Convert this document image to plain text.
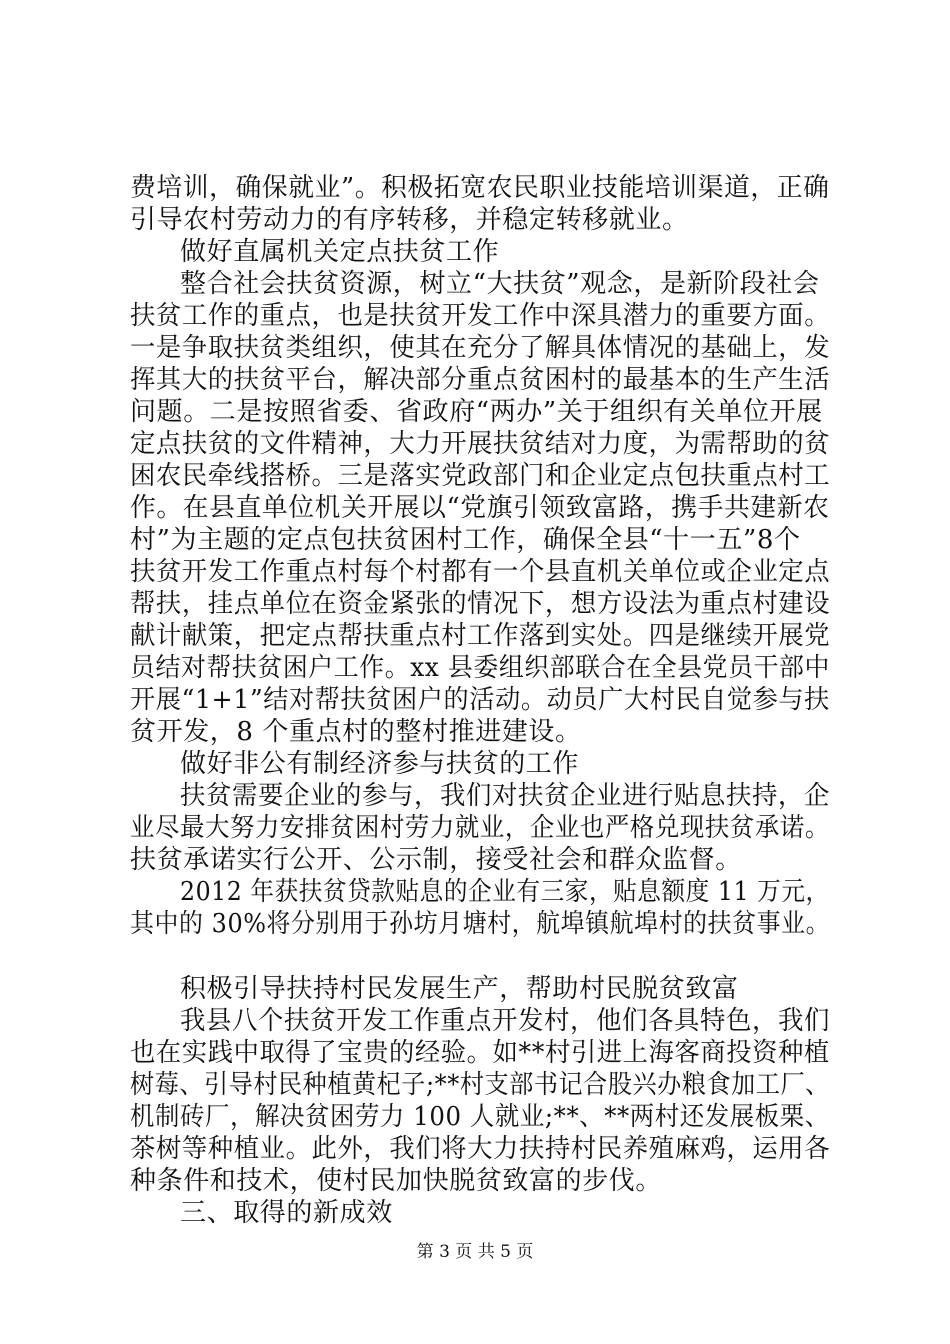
费培训，确保就业”。积极拓宽农民职业技能培训渠道，正确
引导农村劳动力的有序转移，并稳定转移就业。
做好直属机关定点扶贫工作
整合社会扶贫资源，树立“大扶贫”观念，是新阶段社会
扶贫工作的重点，也是扶贫开发工作中深具潜力的重要方面。
一是争取扶贫类组织，使其在充分了解具体情况的基础上，发
挥其大的扶贫平台，解决部分重点贫困村的最基本的生产生活
问题。二是按照省委、省政府“两办”关于组织有关单位开展
定点扶贫的文件精神，大力开展扶贫结对力度，为需帮助的贫
困农民牵线搭桥。三是落实党政部门和企业定点包扶重点村工
作。在县直单位机关开展以“党旗引领致富路，携手共建新农
村”为主题的定点包扶贫困村工作，确保全县“十一五”8个
扶贫开发工作重点村每个村都有一个县直机关单位或企业定点
帮扶，挂点单位在资金紧张的情况下，想方设法为重点村建设
献计献策，把定点帮扶重点村工作落到实处。四是继续开展党
员结对帮扶贫困户工作。xx 县委组织部联合在全县党员干部中
开展“1+1”结对帮扶贫困户的活动。动员广大村民自觉参与扶
贫开发，8 个重点村的整村推进建设。
做好非公有制经济参与扶贫的工作
扶贫需要企业的参与，我们对扶贫企业进行贴息扶持，企
业尽最大努力安排贫困村劳力就业，企业也严格兑现扶贫承诺。
扶贫承诺实行公开、公示制，接受社会和群众监督。
2012 年获扶贫贷款贴息的企业有三家，贴息额度 11 万元，
其中的 30%将分别用于孙坊月塘村，航埠镇航埠村的扶贫事业。
积极引导扶持村民发展生产，帮助村民脱贫致富
我县八个扶贫开发工作重点开发村，他们各具特色，我们
也在实践中取得了宝贵的经验。如**村引进上海客商投资种植
树莓、引导村民种植黄杞子;**村支部书记合股兴办粮食加工厂、
机制砖厂，解决贫困劳力 100 人就业;**、**两村还发展板栗、
茶树等种植业。此外，我们将大力扶持村民养殖麻鸡，运用各
种条件和技术，使村民加快脱贫致富的步伐。
三、取得的新成效
第 3 页 共 5 页
